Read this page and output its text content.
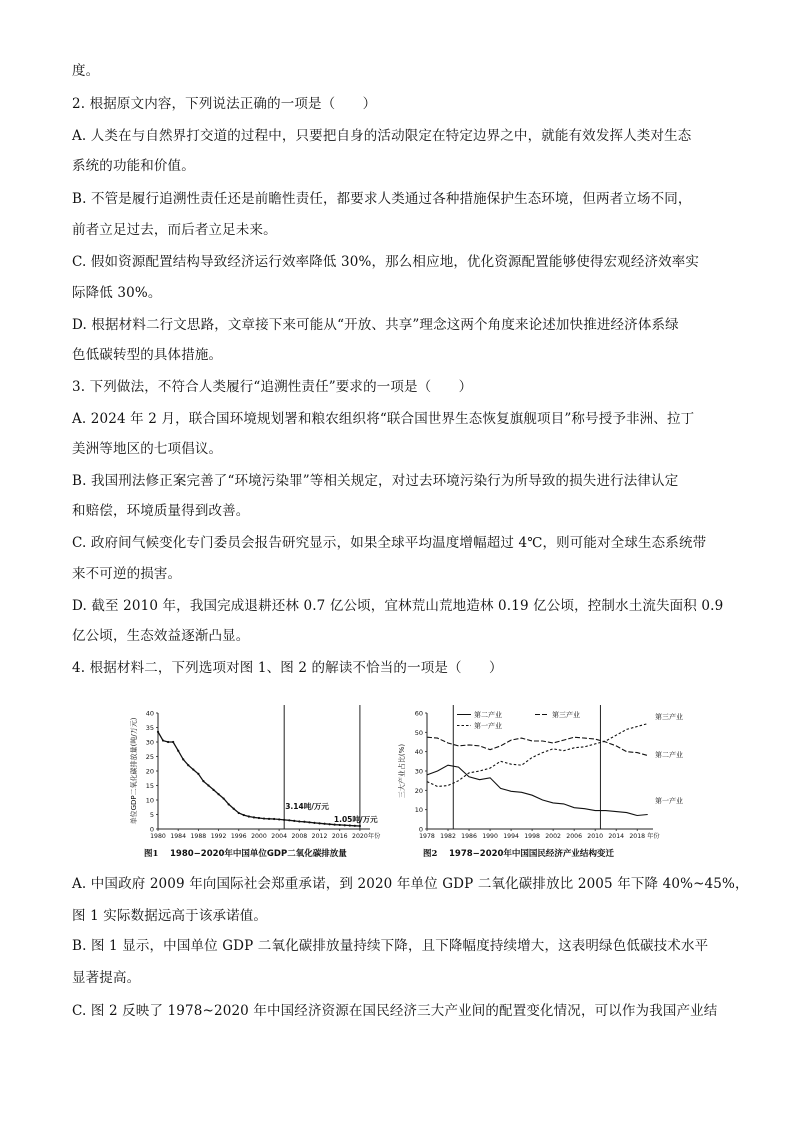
度。
2. 根据原文内容，下列说法正确的一项是（　　）
A. 人类在与自然界打交道的过程中，只要把自身的活动限定在特定边界之中，就能有效发挥人类对生态
系统的功能和价值。
B. 不管是履行追溯性责任还是前瞻性责任，都要求人类通过各种措施保护生态环境，但两者立场不同，
前者立足过去，而后者立足未来。
C. 假如资源配置结构导致经济运行效率降低 30%，那么相应地，优化资源配置能够使得宏观经济效率实
际降低 30%。
D. 根据材料二行文思路，文章接下来可能从“开放、共享”理念这两个角度来论述加快推进经济体系绿
色低碳转型的具体措施。
3. 下列做法，不符合人类履行“追溯性责任”要求的一项是（　　）
A. 2024 年 2 月，联合国环境规划署和粮农组织将“联合国世界生态恢复旗舰项目”称号授予非洲、拉丁
美洲等地区的七项倡议。
B. 我国刑法修正案完善了“环境污染罪”等相关规定，对过去环境污染行为所导致的损失进行法律认定
和赔偿，环境质量得到改善。
C. 政府间气候变化专门委员会报告研究显示，如果全球平均温度增幅超过 4℃，则可能对全球生态系统带
来不可逆的损害。
D. 截至 2010 年，我国完成退耕还林 0.7 亿公顷，宜林荒山荒地造林 0.19 亿公顷，控制水土流失面积 0.9
亿公顷，生态效益逐渐凸显。
4. 根据材料二，下列选项对图 1、图 2 的解读不恰当的一项是（　　）
A. 中国政府 2009 年向国际社会郑重承诺，到 2020 年单位 GDP 二氧化碳排放比 2005 年下降 40%~45%，
图 1 实际数据远高于该承诺值。
B. 图 1 显示，中国单位 GDP 二氧化碳排放量持续下降，且下降幅度持续增大，这表明绿色低碳技术水平
显著提高。
C. 图 2 反映了 1978~2020 年中国经济资源在国民经济三大产业间的配置变化情况，可以作为我国产业结
0
5
10
15
20
25
30
35
40
1980 1984 1988 1992 1996 2000 2004 2008 2012 2016 2020 年份
单位GDP二氧化碳排放量(吨/万元)	3.14吨/万元
1.05吨/万元
图1 1980−2020年中国单位GDP二氧化碳排放量
0
10
20
30
40
50
60
1978 1982 1986 1990 1994 1998 2002 2006 2010 2014 2018 年份
三大产业占比(%)
第二产业
第一产业
第三产业	第三产业
第二产业
第一产业
图2 1978−2020年中国国民经济产业结构变迁
